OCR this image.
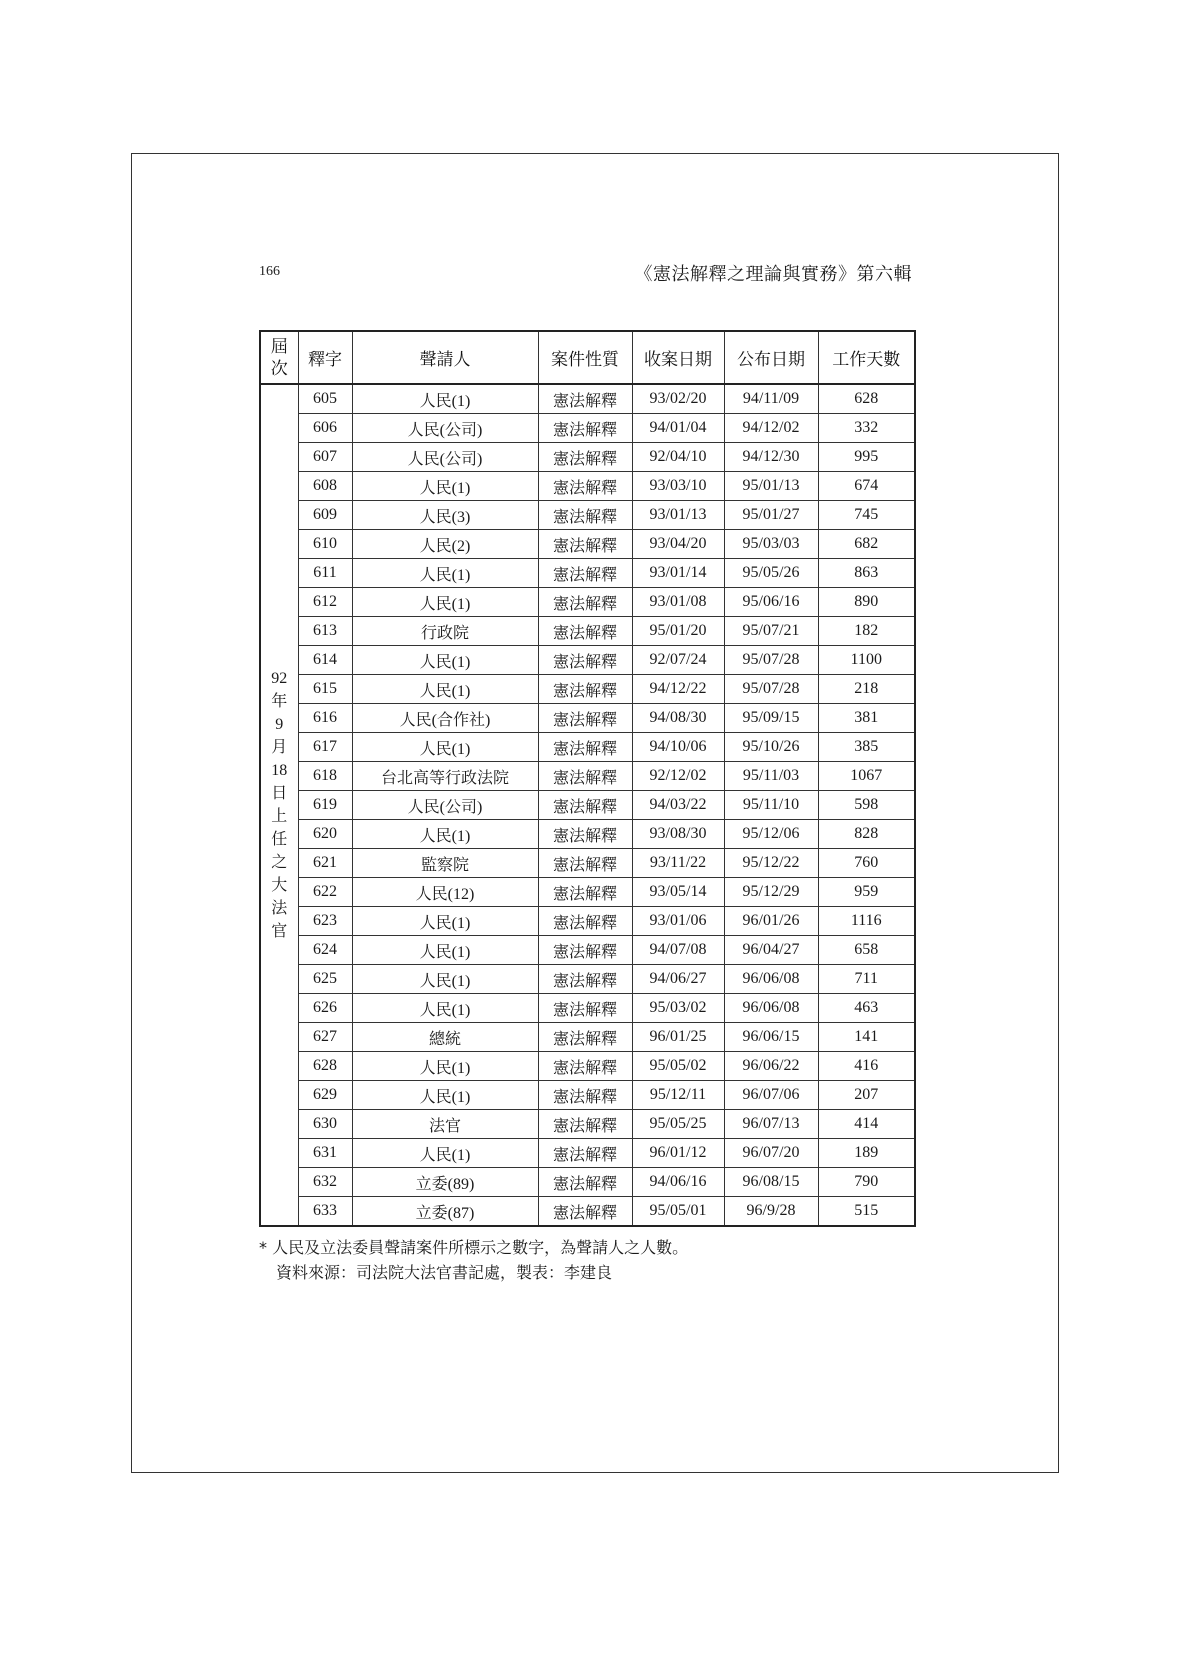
166	《憲法解釋之理論與實務》第六輯
屆次	釋字	聲請人	案件性質	收案日期	公布日期	工作天數
92年9月18日上任之大法官	605	人民(1)	憲法解釋	93/02/20	94/11/09	628
	606	人民(公司)	憲法解釋	94/01/04	94/12/02	332
	607	人民(公司)	憲法解釋	92/04/10	94/12/30	995
	608	人民(1)	憲法解釋	93/03/10	95/01/13	674
	609	人民(3)	憲法解釋	93/01/13	95/01/27	745
	610	人民(2)	憲法解釋	93/04/20	95/03/03	682
	611	人民(1)	憲法解釋	93/01/14	95/05/26	863
	612	人民(1)	憲法解釋	93/01/08	95/06/16	890
	613	行政院	憲法解釋	95/01/20	95/07/21	182
	614	人民(1)	憲法解釋	92/07/24	95/07/28	1100
	615	人民(1)	憲法解釋	94/12/22	95/07/28	218
	616	人民(合作社)	憲法解釋	94/08/30	95/09/15	381
	617	人民(1)	憲法解釋	94/10/06	95/10/26	385
	618	台北高等行政法院	憲法解釋	92/12/02	95/11/03	1067
	619	人民(公司)	憲法解釋	94/03/22	95/11/10	598
	620	人民(1)	憲法解釋	93/08/30	95/12/06	828
	621	監察院	憲法解釋	93/11/22	95/12/22	760
	622	人民(12)	憲法解釋	93/05/14	95/12/29	959
	623	人民(1)	憲法解釋	93/01/06	96/01/26	1116
	624	人民(1)	憲法解釋	94/07/08	96/04/27	658
	625	人民(1)	憲法解釋	94/06/27	96/06/08	711
	626	人民(1)	憲法解釋	95/03/02	96/06/08	463
	627	總統	憲法解釋	96/01/25	96/06/15	141
	628	人民(1)	憲法解釋	95/05/02	96/06/22	416
	629	人民(1)	憲法解釋	95/12/11	96/07/06	207
	630	法官	憲法解釋	95/05/25	96/07/13	414
	631	人民(1)	憲法解釋	96/01/12	96/07/20	189
	632	立委(89)	憲法解釋	94/06/16	96/08/15	790
	633	立委(87)	憲法解釋	95/05/01	96/9/28	515
* 人民及立法委員聲請案件所標示之數字，為聲請人之人數。
資料來源：司法院大法官書記處，製表：李建良
